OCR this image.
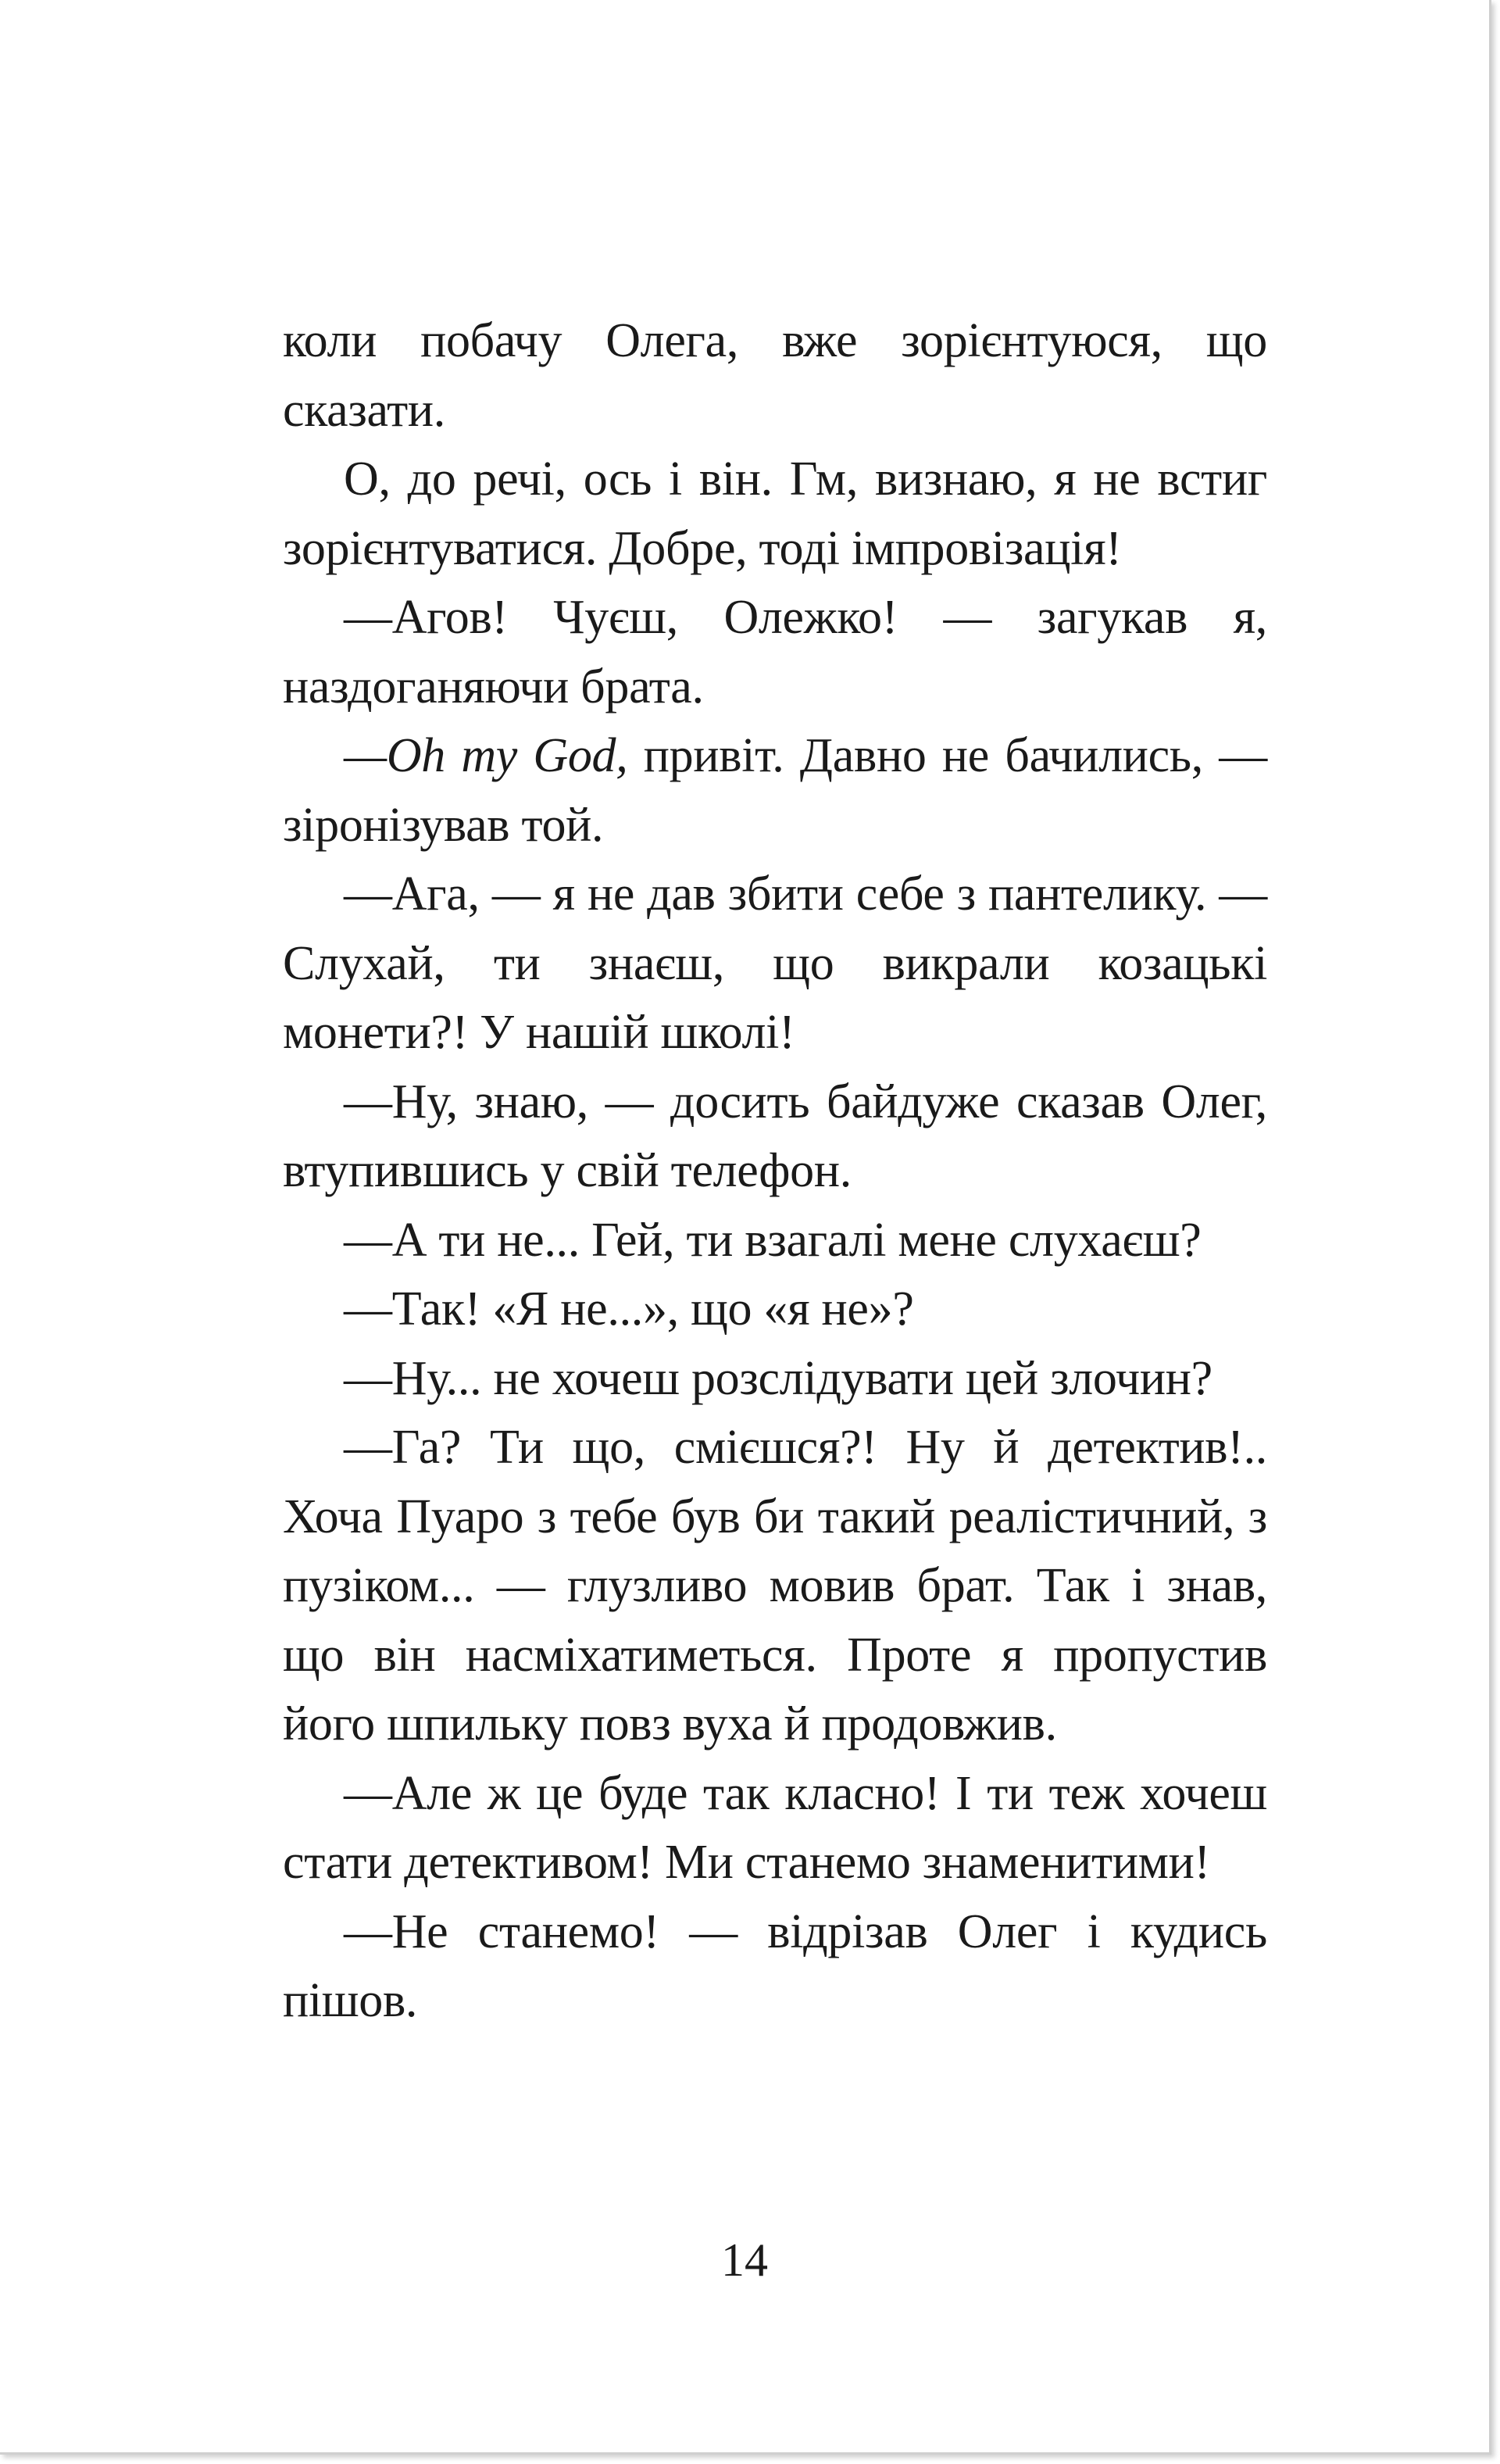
коли побачу Олега, вже зорієнтуюся, що сказати.

О, до речі, ось і він. Гм, визнаю, я не встиг зорієнтуватися. Добре, тоді імпровізація!

—Агов! Чуєш, Олежко! — загукав я, наздоганяючи брата.

—Oh my God, привіт. Давно не бачились, — зіронізував той.

—Ага, — я не дав збити себе з пантелику. — Слухай, ти знаєш, що викрали козацькі монети?! У нашій школі!

—Ну, знаю, — досить байдуже сказав Олег, втупившись у свій телефон.

—А ти не... Гей, ти взагалі мене слухаєш?

—Так! «Я не...», що «я не»?

—Ну... не хочеш розслідувати цей злочин?

—Га? Ти що, смієшся?! Ну й детектив!.. Хоча Пуаро з тебе був би такий реалістичний, з пузіком... — глузливо мовив брат. Так і знав, що він насміхатиметься. Проте я пропустив його шпильку повз вуха й продовжив.

—Але ж це буде так класно! І ти теж хочеш стати детективом! Ми станемо знаменитими!

—Не станемо! — відрізав Олег і кудись пішов.

14
